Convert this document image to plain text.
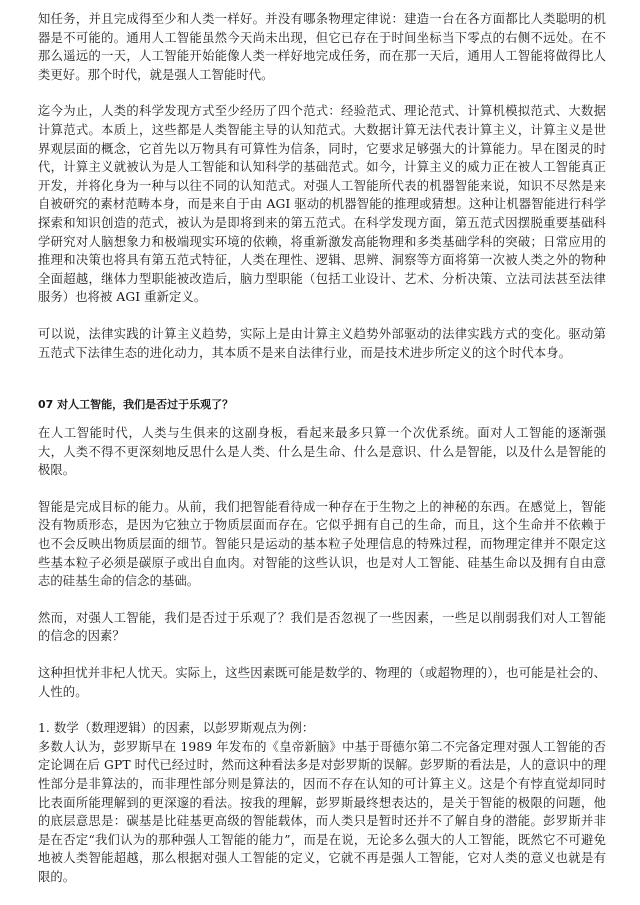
知任务，并且完成得至少和人类一样好。并没有哪条物理定律说：建造一台在各方面都比人类聪明的机器是不可能的。通用人工智能虽然今天尚未出现，但它已存在于时间坐标当下零点的右侧不远处。在不那么遥远的一天，人工智能开始能像人类一样好地完成任务，而在那一天后，通用人工智能将做得比人类更好。那个时代，就是强人工智能时代。

迄今为止，人类的科学发现方式至少经历了四个范式：经验范式、理论范式、计算机模拟范式、大数据计算范式。本质上，这些都是人类智能主导的认知范式。大数据计算无法代表计算主义，计算主义是世界观层面的概念，它首先以万物具有可算性为信条，同时，它要求足够强大的计算能力。早在图灵的时代，计算主义就被认为是人工智能和认知科学的基础范式。如今，计算主义的威力正在被人工智能真正开发，并将化身为一种与以往不同的认知范式。对强人工智能所代表的机器智能来说，知识不尽然是来自被研究的素材范畴本身，而是来自于由 AGI 驱动的机器智能的推理或猜想。这种让机器智能进行科学探索和知识创造的范式，被认为是即将到来的第五范式。在科学发现方面，第五范式因摆脱重要基础科学研究对人脑想象力和极端现实环境的依赖，将重新激发高能物理和多类基础学科的突破；日常应用的推理和决策也将具有第五范式特征，人类在理性、逻辑、思辨、洞察等方面将第一次被人类之外的物种全面超越，继体力型职能被改造后，脑力型职能（包括工业设计、艺术、分析决策、立法司法甚至法律服务）也将被 AGI 重新定义。

可以说，法律实践的计算主义趋势，实际上是由计算主义趋势外部驱动的法律实践方式的变化。驱动第五范式下法律生态的进化动力，其本质不是来自法律行业，而是技术进步所定义的这个时代本身。

07 对人工智能，我们是否过于乐观了？

在人工智能时代，人类与生俱来的这副身板，看起来最多只算一个次优系统。面对人工智能的逐渐强大，人类不得不更深刻地反思什么是人类、什么是生命、什么是意识、什么是智能，以及什么是智能的极限。

智能是完成目标的能力。从前，我们把智能看待成一种存在于生物之上的神秘的东西。在感觉上，智能没有物质形态，是因为它独立于物质层面而存在。它似乎拥有自己的生命，而且，这个生命并不依赖于也不会反映出物质层面的细节。智能只是运动的基本粒子处理信息的特殊过程，而物理定律并不限定这些基本粒子必须是碳原子或出自血肉。对智能的这些认识，也是对人工智能、硅基生命以及拥有自由意志的硅基生命的信念的基础。

然而，对强人工智能，我们是否过于乐观了？我们是否忽视了一些因素，一些足以削弱我们对人工智能的信念的因素？

这种担忧并非杞人忧天。实际上，这些因素既可能是数学的、物理的（或超物理的），也可能是社会的、人性的。

1. 数学（数理逻辑）的因素，以彭罗斯观点为例：

多数人认为，彭罗斯早在 1989 年发布的《皇帝新脑》中基于哥德尔第二不完备定理对强人工智能的否定论调在后 GPT 时代已经过时，然而这种看法多是对彭罗斯的误解。彭罗斯的看法是，人的意识中的理性部分是非算法的，而非理性部分则是算法的，因而不存在认知的可计算主义。这是个有悖直觉却同时比表面所能理解到的更深邃的看法。按我的理解，彭罗斯最终想表达的，是关于智能的极限的问题，他的底层意思是：碳基是比硅基更高级的智能载体，而人类只是暂时还并不了解自身的潜能。彭罗斯并非是在否定“我们认为的那种强人工智能的能力”，而是在说，无论多么强大的人工智能，既然它不可避免地被人类智能超越，那么根据对强人工智能的定义，它就不再是强人工智能，它对人类的意义也就是有限的。
